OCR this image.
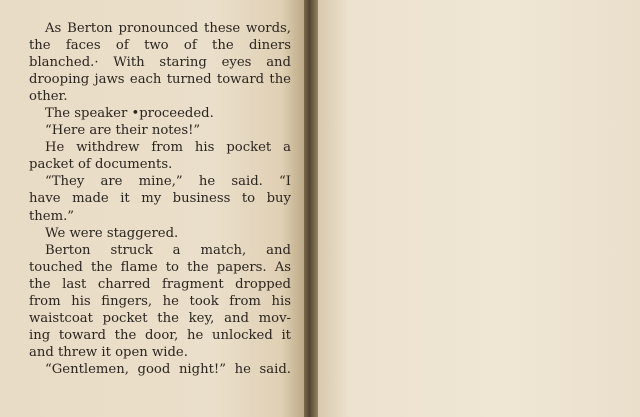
As Berton pronounced these words,

the faces of two of the diners

blanched.· With staring eyes and

drooping jaws each turned toward the

other.

The speaker •proceeded.

“Here are their notes!”

He withdrew from his pocket a

packet of documents.

“They are mine,” he said. “I

have made it my business to buy

them.”

We were staggered.

Berton struck a match, and

touched the flame to the papers. As

the last charred fragment dropped

from his fingers, he took from his

waistcoat pocket the key, and mov-

ing toward the door, he unlocked it

and threw it open wide.

“Gentlemen, good night!” he said.
